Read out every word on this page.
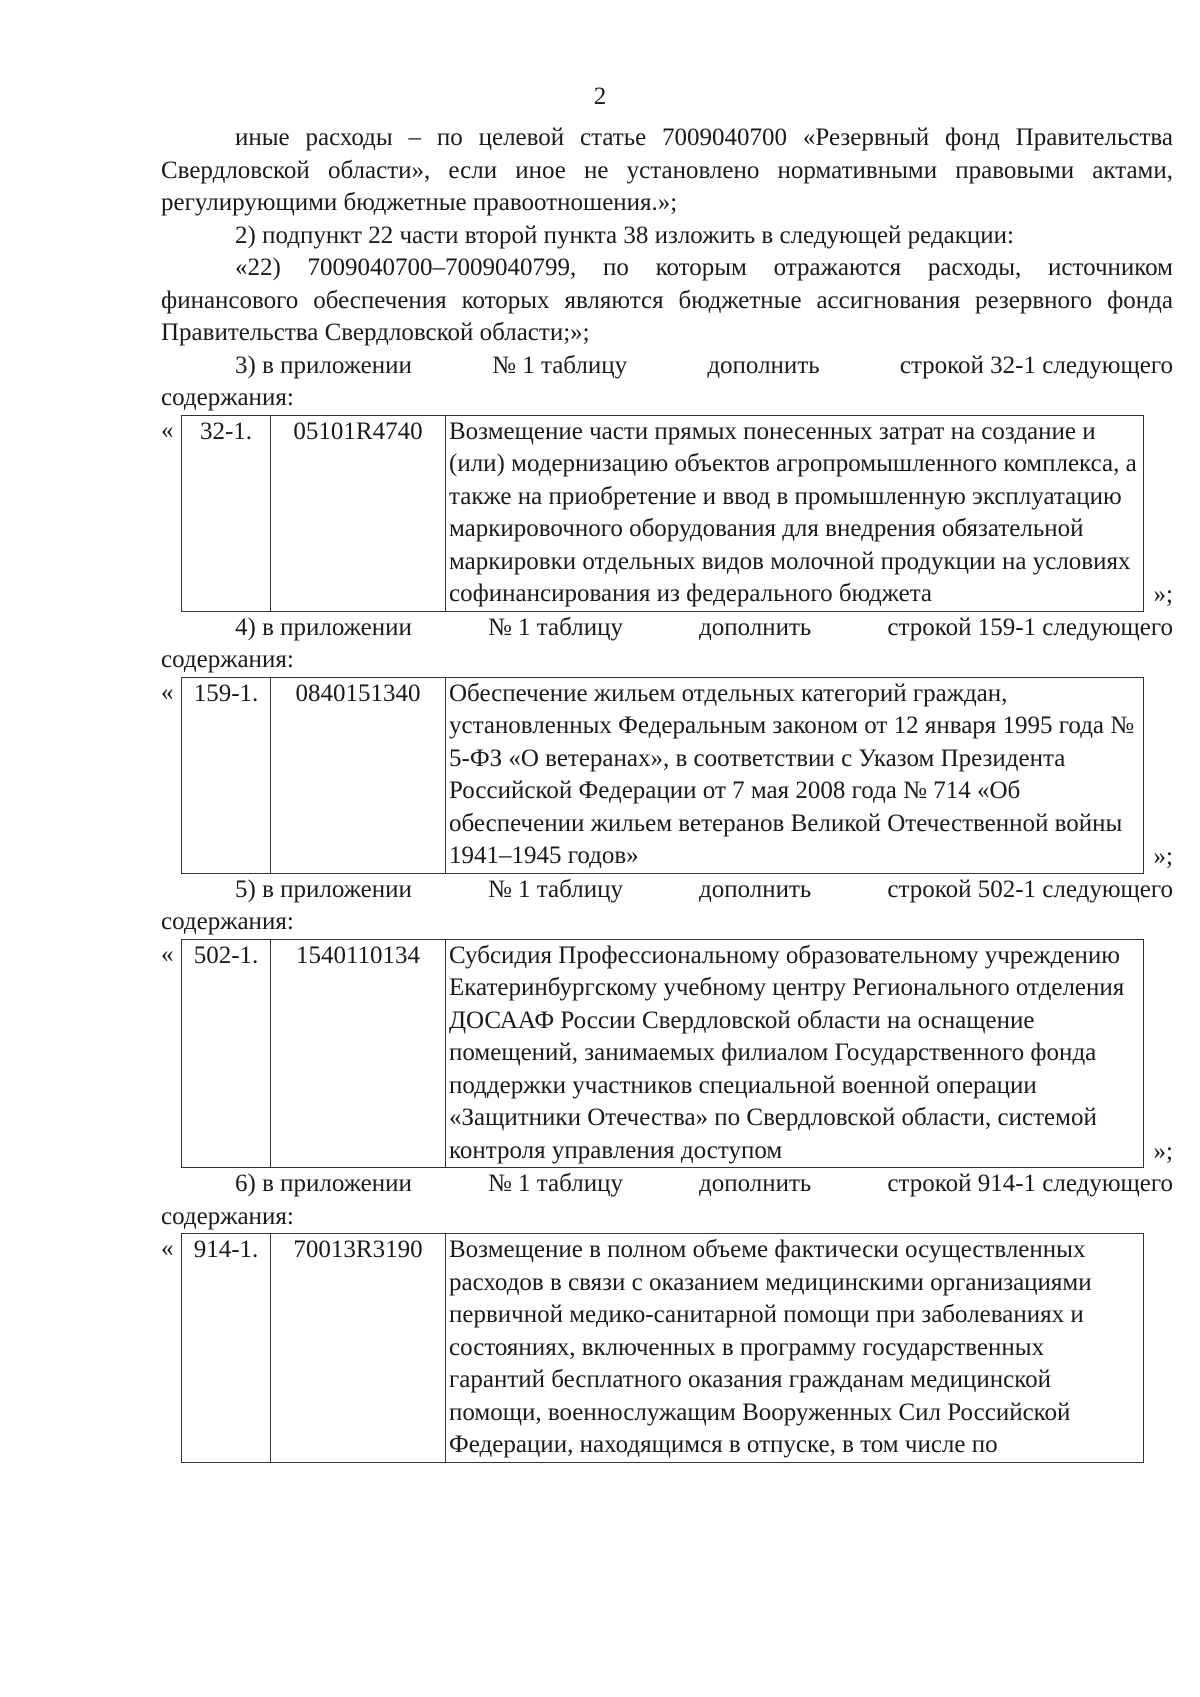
2

иные расходы – по целевой статье 7009040700 «Резервный фонд Правительства Свердловской области», если иное не установлено нормативными правовыми актами, регулирующими бюджетные правоотношения.»;

2) подпункт 22 части второй пункта 38 изложить в следующей редакции:

«22) 7009040700–7009040799, по которым отражаются расходы, источником финансового обеспечения которых являются бюджетные ассигнования резервного фонда Правительства Свердловской области;»;

3) в приложении	№ 1 таблицу	дополнить	строкой 32-1 следующего

содержания:

«	32-1.	05101R4740	Возмещение части прямых понесенных затрат на создание и (или) модернизацию объектов агропромышленного комплекса, а также на приобретение и ввод в промышленную эксплуатацию маркировочного оборудования для внедрения обязательной маркировки отдельных видов молочной продукции на условиях софинансирования из федерального бюджета	»;
4) в приложении	№ 1 таблицу	дополнить	строкой 159-1 следующего

содержания:

« 159-1.	0840151340	Обеспечение жильем отдельных категорий граждан, установленных Федеральным законом от 12 января 1995 года № 5-ФЗ «О ветеранах», в соответствии с Указом Президента Российской Федерации от 7 мая 2008 года № 714 «Об обеспечении жильем ветеранов Великой Отечественной войны 1941–1945 годов»	»;
5) в приложении	№ 1 таблицу	дополнить	строкой 502-1 следующего

содержания:

« 502-1.	1540110134	Субсидия Профессиональному образовательному учреждению Екатеринбургскому учебному центру Регионального отделения ДОСААФ России Свердловской области на оснащение помещений, занимаемых филиалом Государственного фонда поддержки участников специальной военной операции «Защитники Отечества» по Свердловской области, системой контроля управления доступом	»;
6) в приложении	№ 1 таблицу	дополнить	строкой 914-1 следующего

содержания:

« 914-1.	70013R3190	Возмещение в полном объеме фактически осуществленных расходов в связи с оказанием медицинскими организациями первичной медико-санитарной помощи при заболеваниях и состояниях, включенных в программу государственных гарантий бесплатного оказания гражданам медицинской помощи, военнослужащим Вооруженных Сил Российской Федерации, находящимся в отпуске, в том числе по
